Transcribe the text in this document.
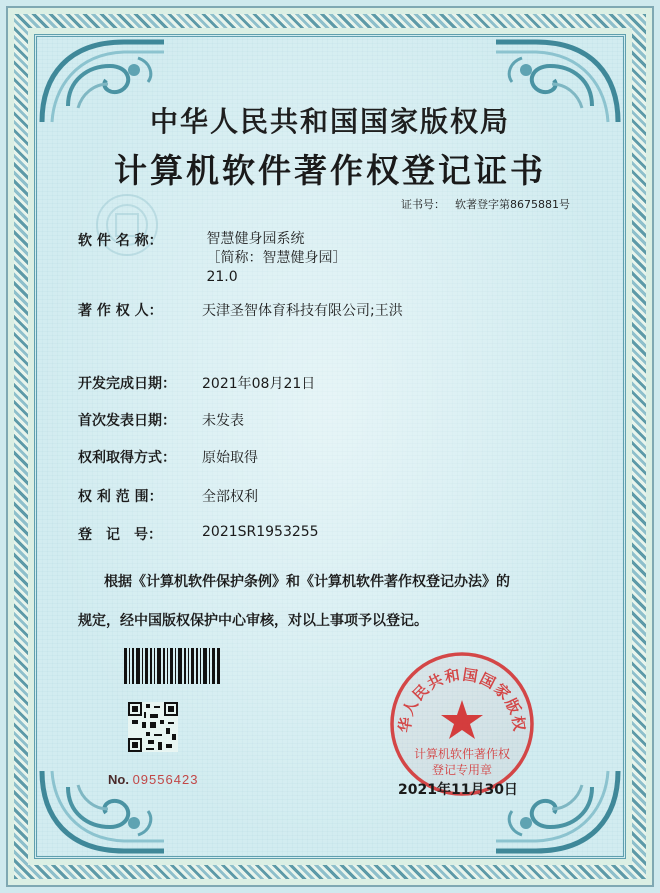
中华人民共和国国家版权局
计算机软件著作权登记证书
证书号： 软著登字第8675881号
软 件 名 称：	智慧健身园系统
［简称：智慧健身园］
21.0
著 作 权 人：	天津圣智体育科技有限公司;王洪
开发完成日期： 2021年08月21日
首次发表日期： 未发表
权利取得方式： 原始取得
权 利 范 围：	全部权利
登　记　号：	2021SR1953255
根据《计算机软件保护条例》和《计算机软件著作权登记办法》的
规定，经中国版权保护中心审核，对以上事项予以登记。
No. 09556423
华人民共和国国家版权
计算机软件著作权
登记专用章
2021年11月30日
